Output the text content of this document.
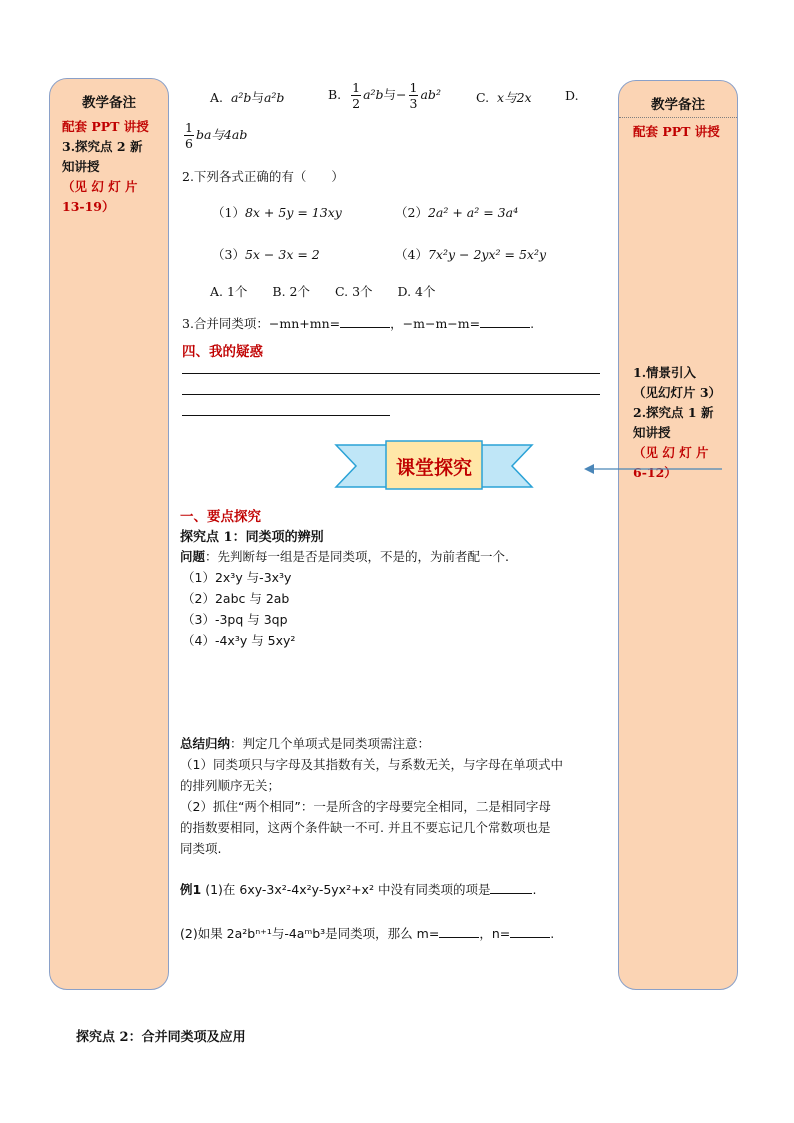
教学备注
配套 PPT 讲授
3.探究点 2 新
知讲授
（见 幻 灯 片
13-19）
教学备注
配套 PPT 讲授
1.情景引入
（见幻灯片 3）
2.探究点 1 新
知讲授
（见 幻 灯 片
6-12）
A. a²b与a²b	B. $\frac{1}{2} a^2b$与− $\frac{1}{3} ab^2$	C. x与2x	D.
$\frac{1}{6}$ ba与4ab
2.下列各式正确的有（　　）
（1）8x + 5y = 13xy	（2）2a² + a² = 3a⁴
（3）5x − 3x = 2	（4）7x²y − 2yx² = 5x²y
A. 1个　　B. 2个　　C. 3个　　D. 4个
3.合并同类项：−mn+mn=	，−m−m−m=	.
四、我的疑惑
课堂探究
一、要点探究
探究点 1：同类项的辨别
问题：先判断每一组是否是同类项，不是的，为前者配一个.
（1）2x³y 与-3x³y
（2）2abc 与 2ab
（3）-3pq 与 3qp
（4）-4x³y 与 5xy²
总结归纳：判定几个单项式是同类项需注意：
（1）同类项只与字母及其指数有关，与系数无关，与字母在单项式中
的排列顺序无关；
（2）抓住“两个相同”：一是所含的字母要完全相同，二是相同字母
的指数要相同，这两个条件缺一不可. 并且不要忘记几个常数项也是
同类项.
例1 (1)在 6xy-3x²-4x²y-5yx²+x² 中没有同类项的项是	.
(2)如果 2a²bⁿ⁺¹与-4aᵐb³是同类项，那么 m=	，n=	.
探究点 2：合并同类项及应用
